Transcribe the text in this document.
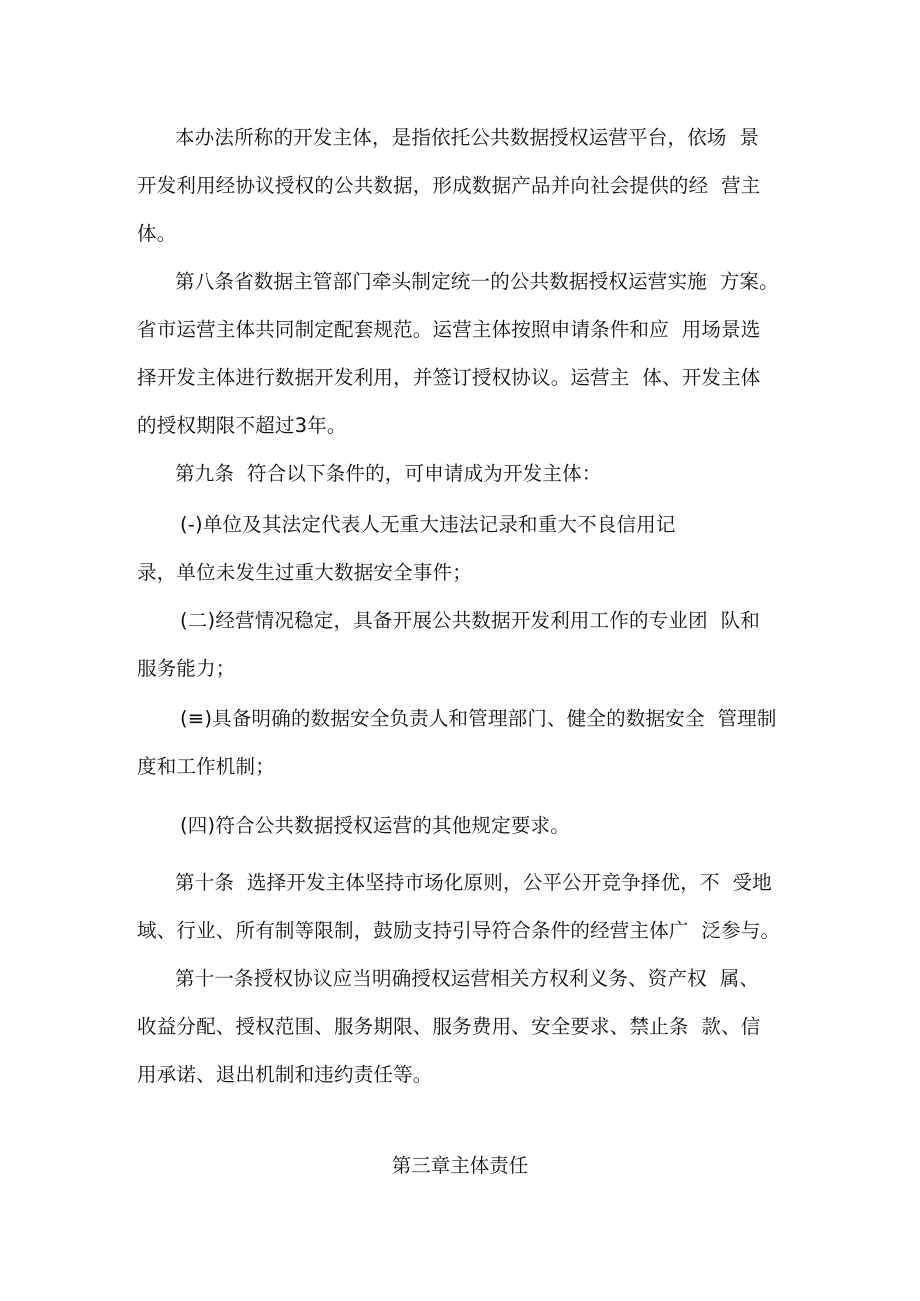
本办法所称的开发主体，是指依托公共数据授权运营平台，依场  景
开发利用经协议授权的公共数据，形成数据产品并向社会提供的经  营主
体。
第八条省数据主管部门牵头制定统一的公共数据授权运营实施  方案。
省市运营主体共同制定配套规范。运营主体按照申请条件和应  用场景选
择开发主体进行数据开发利用，并签订授权协议。运营主  体、开发主体
的授权期限不超过3年。
第九条  符合以下条件的，可申请成为开发主体：
(-)单位及其法定代表人无重大违法记录和重大不良信用记
录，单位未发生过重大数据安全事件；
(二)经营情况稳定，具备开展公共数据开发利用工作的专业团  队和
服务能力；
(≡)具备明确的数据安全负责人和管理部门、健全的数据安全  管理制
度和工作机制；
(四)符合公共数据授权运营的其他规定要求。
第十条  选择开发主体坚持市场化原则，公平公开竞争择优，不  受地
域、行业、所有制等限制，鼓励支持引导符合条件的经营主体广  泛参与。
第十一条授权协议应当明确授权运营相关方权利义务、资产权  属、
收益分配、授权范围、服务期限、服务费用、安全要求、禁止条  款、信
用承诺、退出机制和违约责任等。
第三章主体责任
